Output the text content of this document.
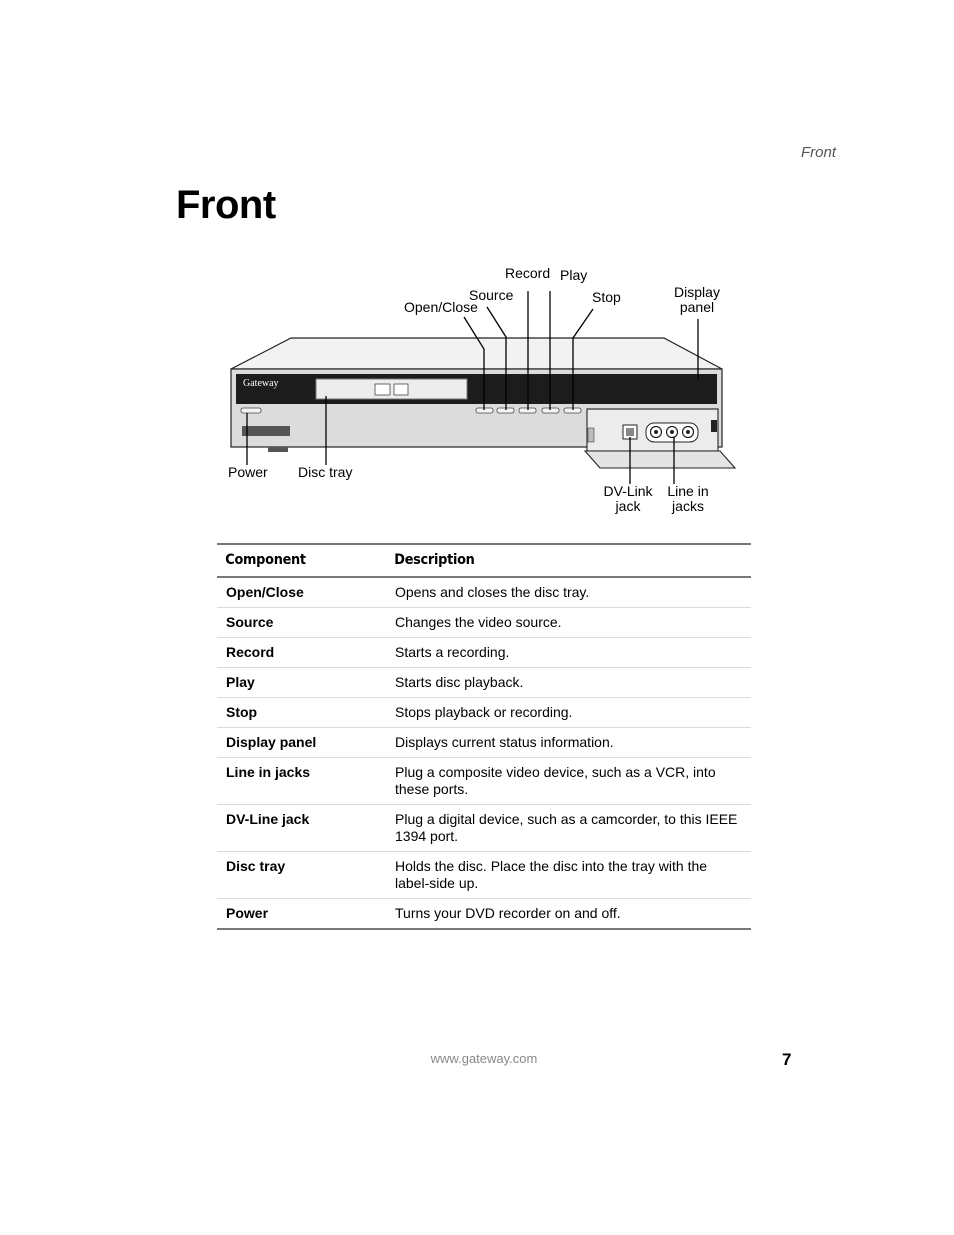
Front
Front
Gateway
Record Play
Source	Stop
Open/Close
Display panel
Power Disc tray
DV-Link jack
Line in jacks
Component	Description
Open/Close	Opens and closes the disc tray.
Source	Changes the video source.
Record	Starts a recording.
Play	Starts disc playback.
Stop	Stops playback or recording.
Display panel	Displays current status information.
Line in jacks	Plug a composite video device, such as a VCR, into these ports.
DV-Line jack	Plug a digital device, such as a camcorder, to this IEEE 1394 port.
Disc tray	Holds the disc. Place the disc into the tray with the label-side up.
Power	Turns your DVD recorder on and off.
www.gateway.com	7
